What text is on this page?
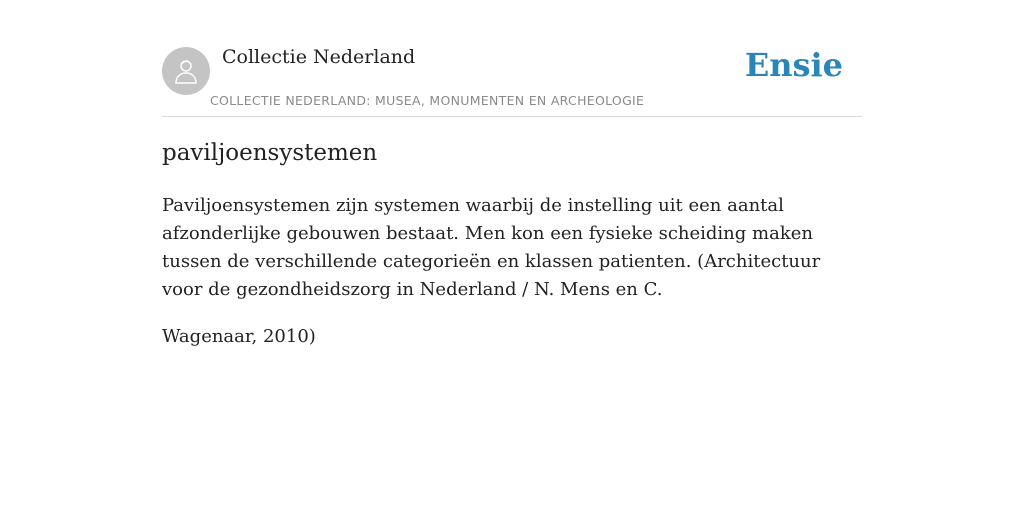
Collectie Nederland
COLLECTIE NEDERLAND: MUSEA, MONUMENTEN EN ARCHEOLOGIE
Ensie
paviljoensystemen

Paviljoensystemen zijn systemen waarbij de instelling uit een aantal afzonderlijke gebouwen bestaat. Men kon een fysieke scheiding maken tussen de verschillende categorieën en klassen patienten. (Architectuur voor de gezondheidszorg in Nederland / N. Mens en C.

Wagenaar, 2010)
